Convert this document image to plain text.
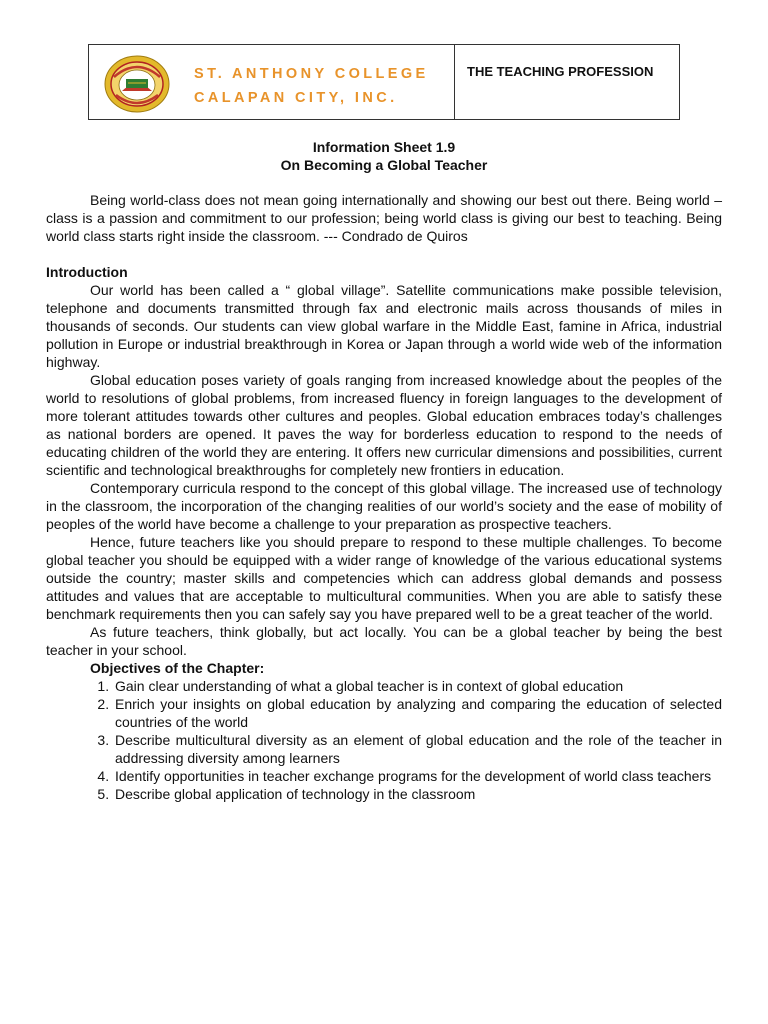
ST. ANTHONY COLLEGE
CALAPAN CITY, INC.
THE TEACHING PROFESSION
Information Sheet 1.9
On Becoming a Global Teacher

Being world-class does not mean going internationally and showing our best out there. Being world –class is a passion and commitment to our profession; being world class is giving our best to teaching. Being world class starts right inside the classroom. --- Condrado de Quiros

Introduction

Our world has been called a “ global village”. Satellite communications make possible television, telephone and documents transmitted through fax and electronic mails across thousands of miles in thousands of seconds. Our students can view global warfare in the Middle East, famine in Africa, industrial pollution in Europe or industrial breakthrough in Korea or Japan through a world wide web of the information highway.

Global education poses variety of goals ranging from increased knowledge about the peoples of the world to resolutions of global problems, from increased fluency in foreign languages to the development of more tolerant attitudes towards other cultures and peoples. Global education embraces today’s challenges as national borders are opened. It paves the way for borderless education to respond to the needs of educating children of the world they are entering. It offers new curricular dimensions and possibilities, current scientific and technological breakthroughs for completely new frontiers in education.

Contemporary curricula respond to the concept of this global village. The increased use of technology in the classroom, the incorporation of the changing realities of our world’s society and the ease of mobility of peoples of the world have become a challenge to your preparation as prospective teachers.

Hence, future teachers like you should prepare to respond to these multiple challenges. To become global teacher you should be equipped with a wider range of knowledge of the various educational systems outside the country; master skills and competencies which can address global demands and possess attitudes and values that are acceptable to multicultural communities. When you are able to satisfy these benchmark requirements then you can safely say you have prepared well to be a great teacher of the world.

As future teachers, think globally, but act locally. You can be a global teacher by being the best teacher in your school.

Objectives of the Chapter:
1. Gain clear understanding of what a global teacher is in context of global education
2. Enrich your insights on global education by analyzing and comparing the education of selected countries of the world
3. Describe multicultural diversity as an element of global education and the role of the teacher in addressing diversity among learners
4. Identify opportunities in teacher exchange programs for the development of world class teachers
5. Describe global application of technology in the classroom
